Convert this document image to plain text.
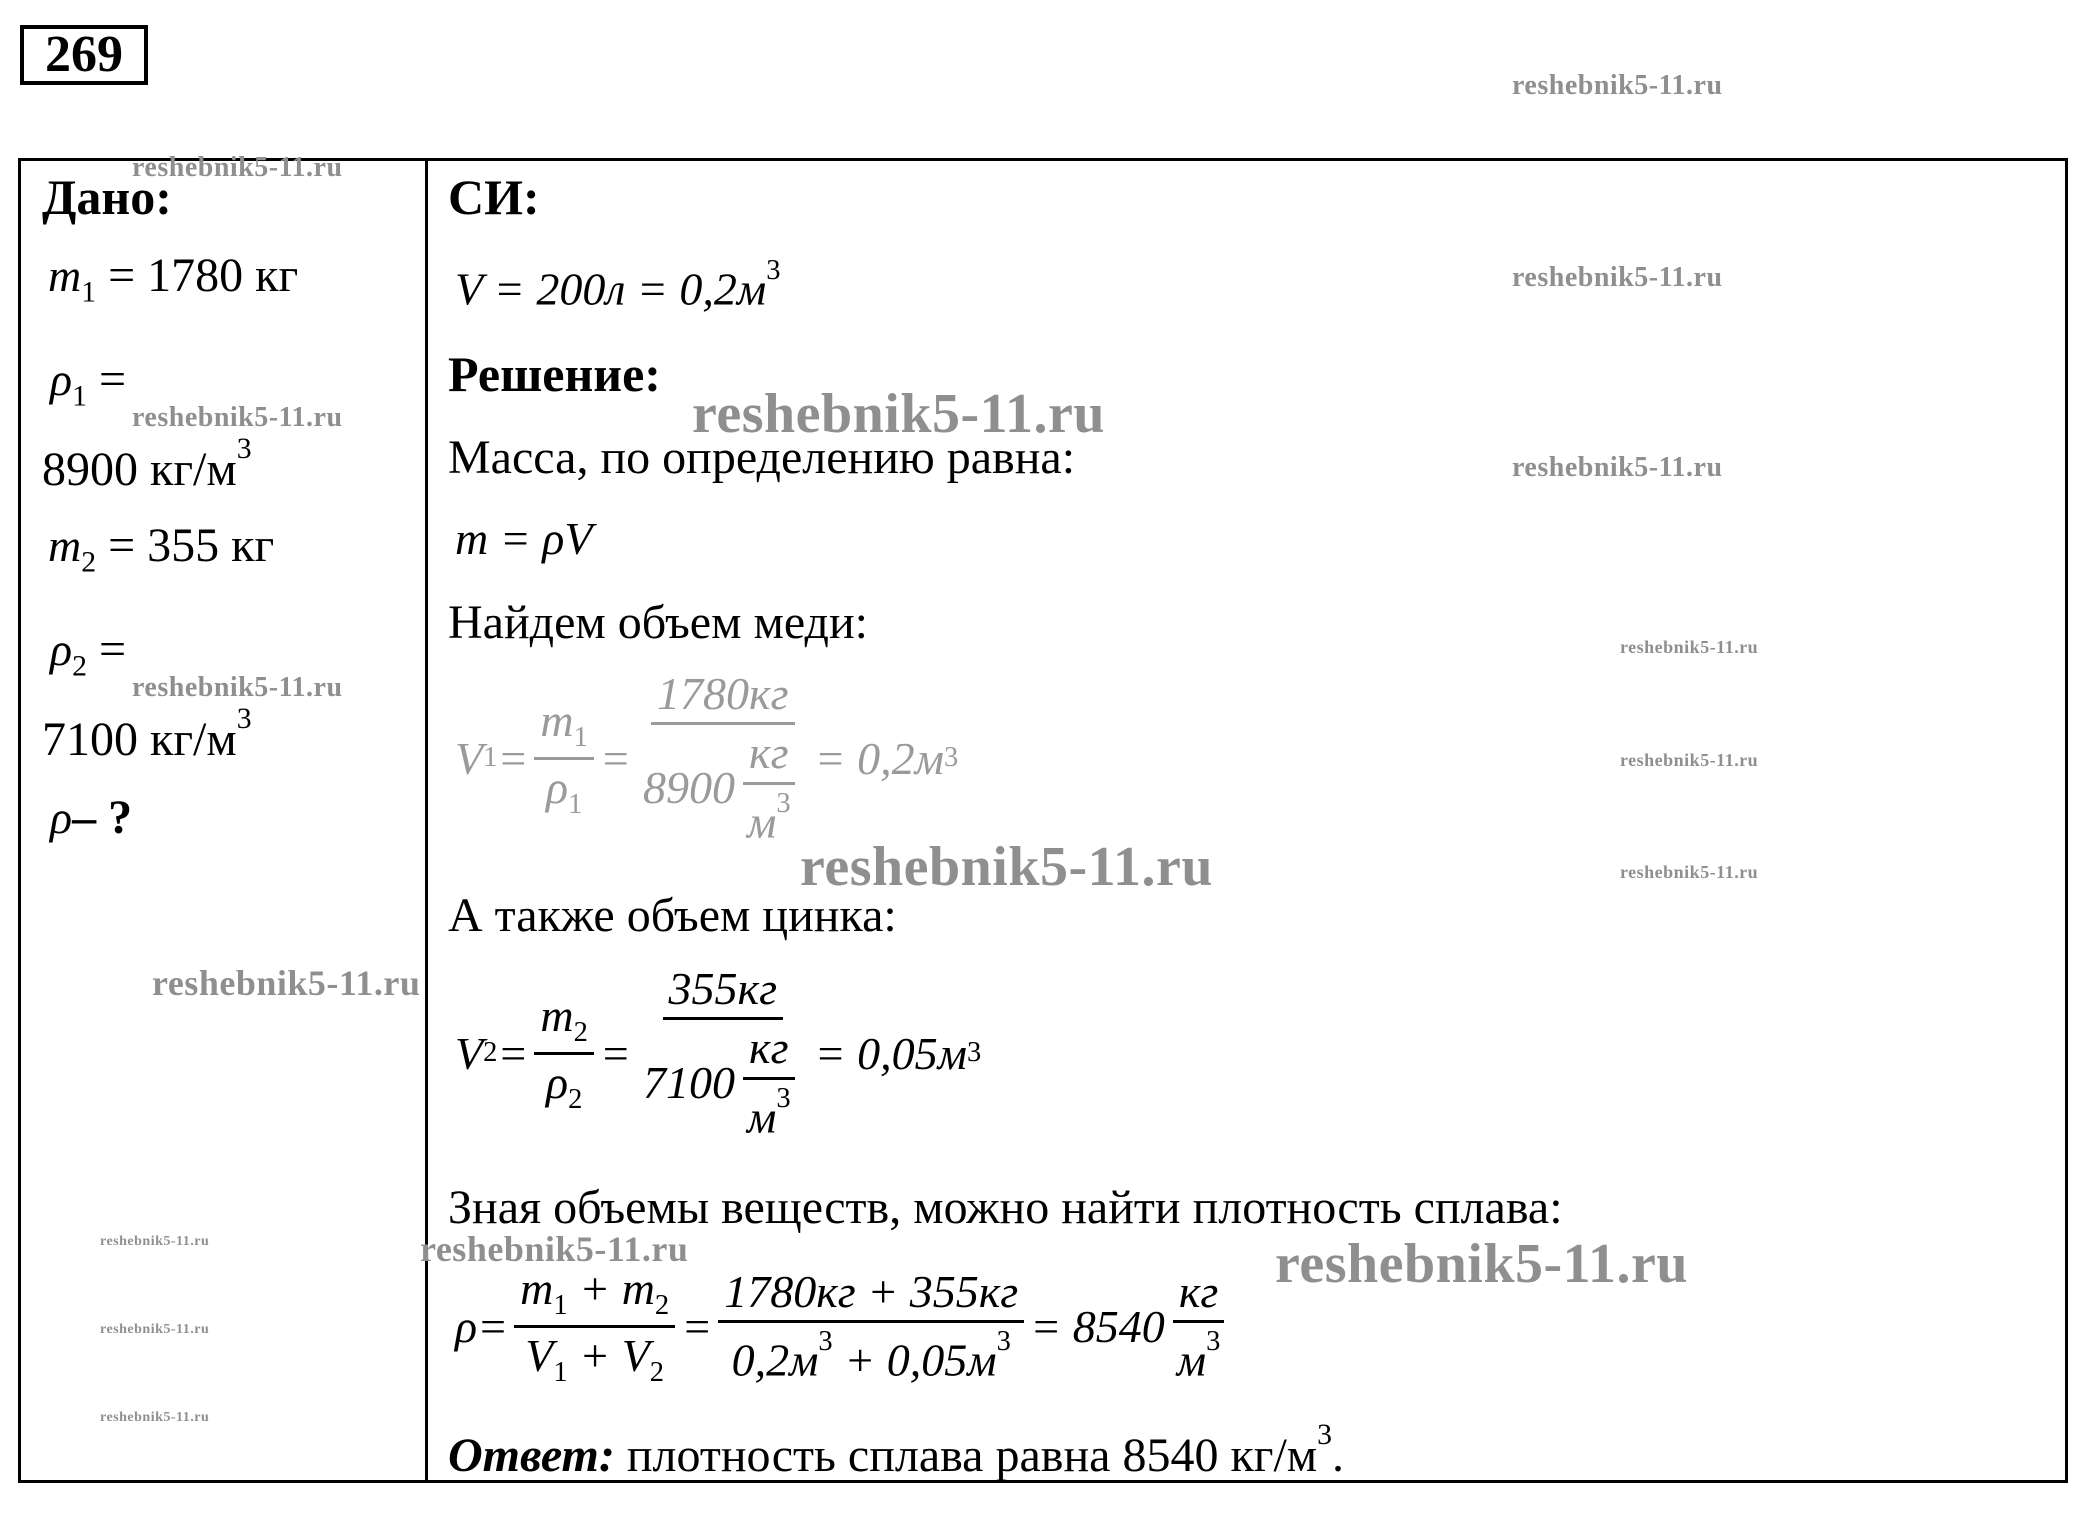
269
Дано:
$m_1 = 1780$ кг
$\rho_1$ =
8900 $кг/м^3$
$m_2 = 355$ кг
$\rho_2$ =
7100 $кг/м^3$
ρ– ?
СИ:
$V = 200л = 0,2м^3$
Решение:
Масса, по определению равна:
m = ρV
Найдем объем меди:
V $1 = \frac{m_1}{\rho_1} = \frac{1780кг}{8900 \frac{кг}{м^3}} = 0,2м$ 3
А также объем цинка:
V $2 = \frac{m_2}{\rho_2} = \frac{355кг}{7100 \frac{кг}{м^3}} = 0,05м$ 3
Зная объемы веществ, можно найти плотность сплава:
$\rho = \frac{m_1 + m_2}{V_1 + V_2} = \frac{1780кг + 355кг}{0,2м^3 + 0,05м^3} = 8540 \frac{кг}{м^3}$
Ответ: плотность сплава равна 8540 $кг/м^3$.
reshebnik5-11.ru
reshebnik5-11.ru
reshebnik5-11.ru
reshebnik5-11.ru	reshebnik5-11.ru
reshebnik5-11.ru
reshebnik5-11.ru
reshebnik5-11.ru
reshebnik5-11.ru
reshebnik5-11.ru	reshebnik5-11.ru
reshebnik5-11.ru
reshebnik5-11.ru	reshebnik5-11.ru	reshebnik5-11.ru
reshebnik5-11.ru
reshebnik5-11.ru
